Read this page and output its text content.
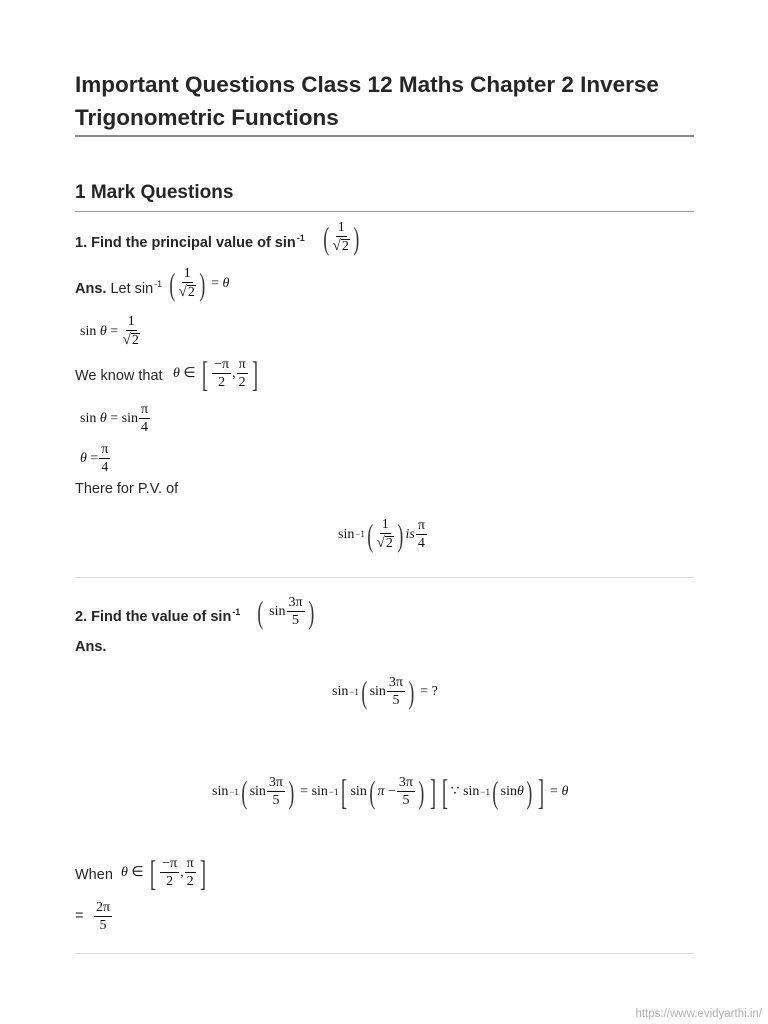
Important Questions Class 12 Maths Chapter 2 Inverse Trigonometric Functions
1 Mark Questions
1. Find the principal value of $\sin^{-1}$ ( $\frac{1}{√ 2}$ )
Ans. Let $\sin^{-1}$ ( $\frac{1}{√ 2}$ ) = θ
sin
$\theta = \frac{1}{√ 2}$
We know that θ ∈ [ $\frac{-\pi}{2}$ , $\frac{\pi}{2}$ ]
sin
$\theta = \sin \frac{\pi}{4}$
$\theta = \frac{\pi}{4}$
There for P.V. of
sin −1 ( $\frac{1}{√ 2}$ ) is $\frac{\pi}{4}$
2. Find the value of $\sin^{-1}$ (
$\sin \frac{3\pi}{5}$ )
Ans.
sin −1 ( $\sin \frac{3\pi}{5}$ ) = ?
sin −1 ( $\sin \frac{3\pi}{5}$ ) = sin −1 [ sin ( $\pi - \frac{3\pi}{5}$ ) ] [ ∵
sin −1 ( sin θ ) ] = θ
When θ ∈ [ $\frac{-\pi}{2}$ , $\frac{\pi}{2}$ ]
= $\frac{2\pi}{5}$
https://www.evidyarthi.in/
